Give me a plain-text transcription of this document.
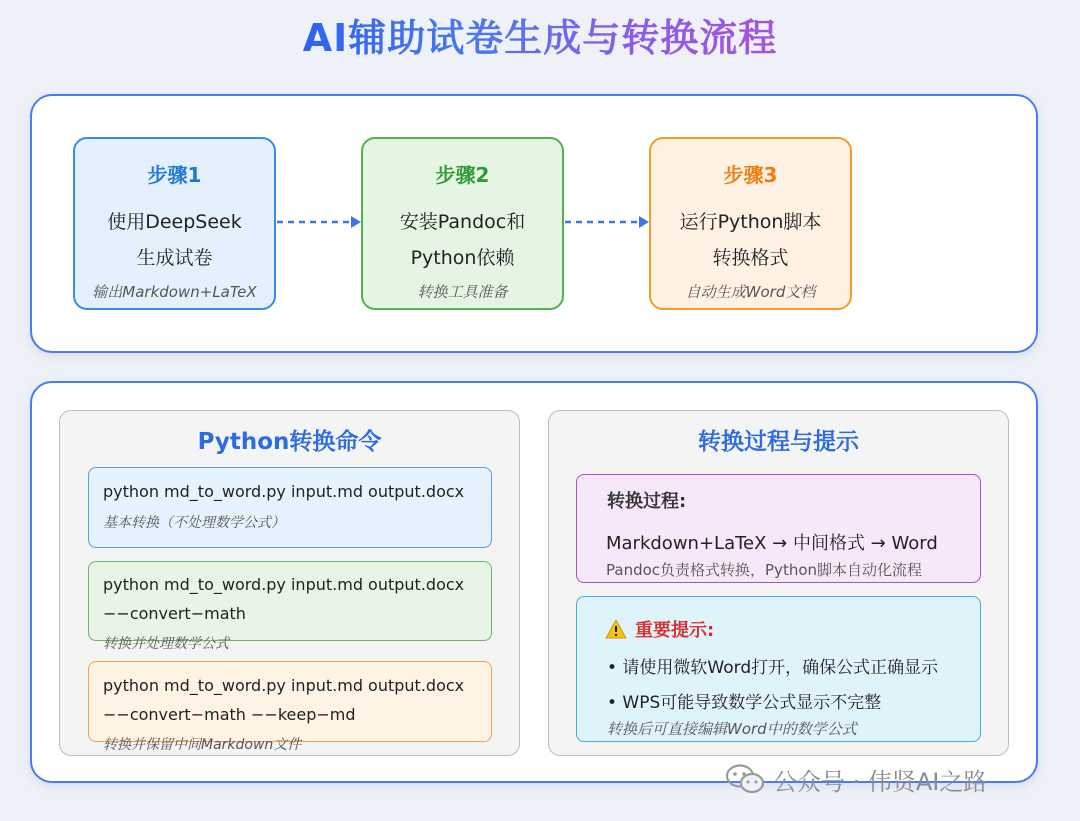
AI辅助试卷生成与转换流程
步骤1
使用DeepSeek
生成试卷
输出Markdown+LaTeX
步骤2
安装Pandoc和
Python依赖
转换工具准备
步骤3
运行Python脚本
转换格式
自动生成Word文档
Python转换命令
python md_to_word.py input.md output.docx
基本转换（不处理数学公式）
python md_to_word.py input.md output.docx
−−convert−math
转换并处理数学公式
python md_to_word.py input.md output.docx
−−convert−math −−keep−md
转换并保留中间Markdown文件
转换过程与提示
转换过程:
Markdown+LaTeX → 中间格式 → Word
Pandoc负责格式转换，Python脚本自动化流程
重要提示:
• 请使用微软Word打开，确保公式正确显示
• WPS可能导致数学公式显示不完整
转换后可直接编辑Word中的数学公式
公众号 · 伟贤AI之路
